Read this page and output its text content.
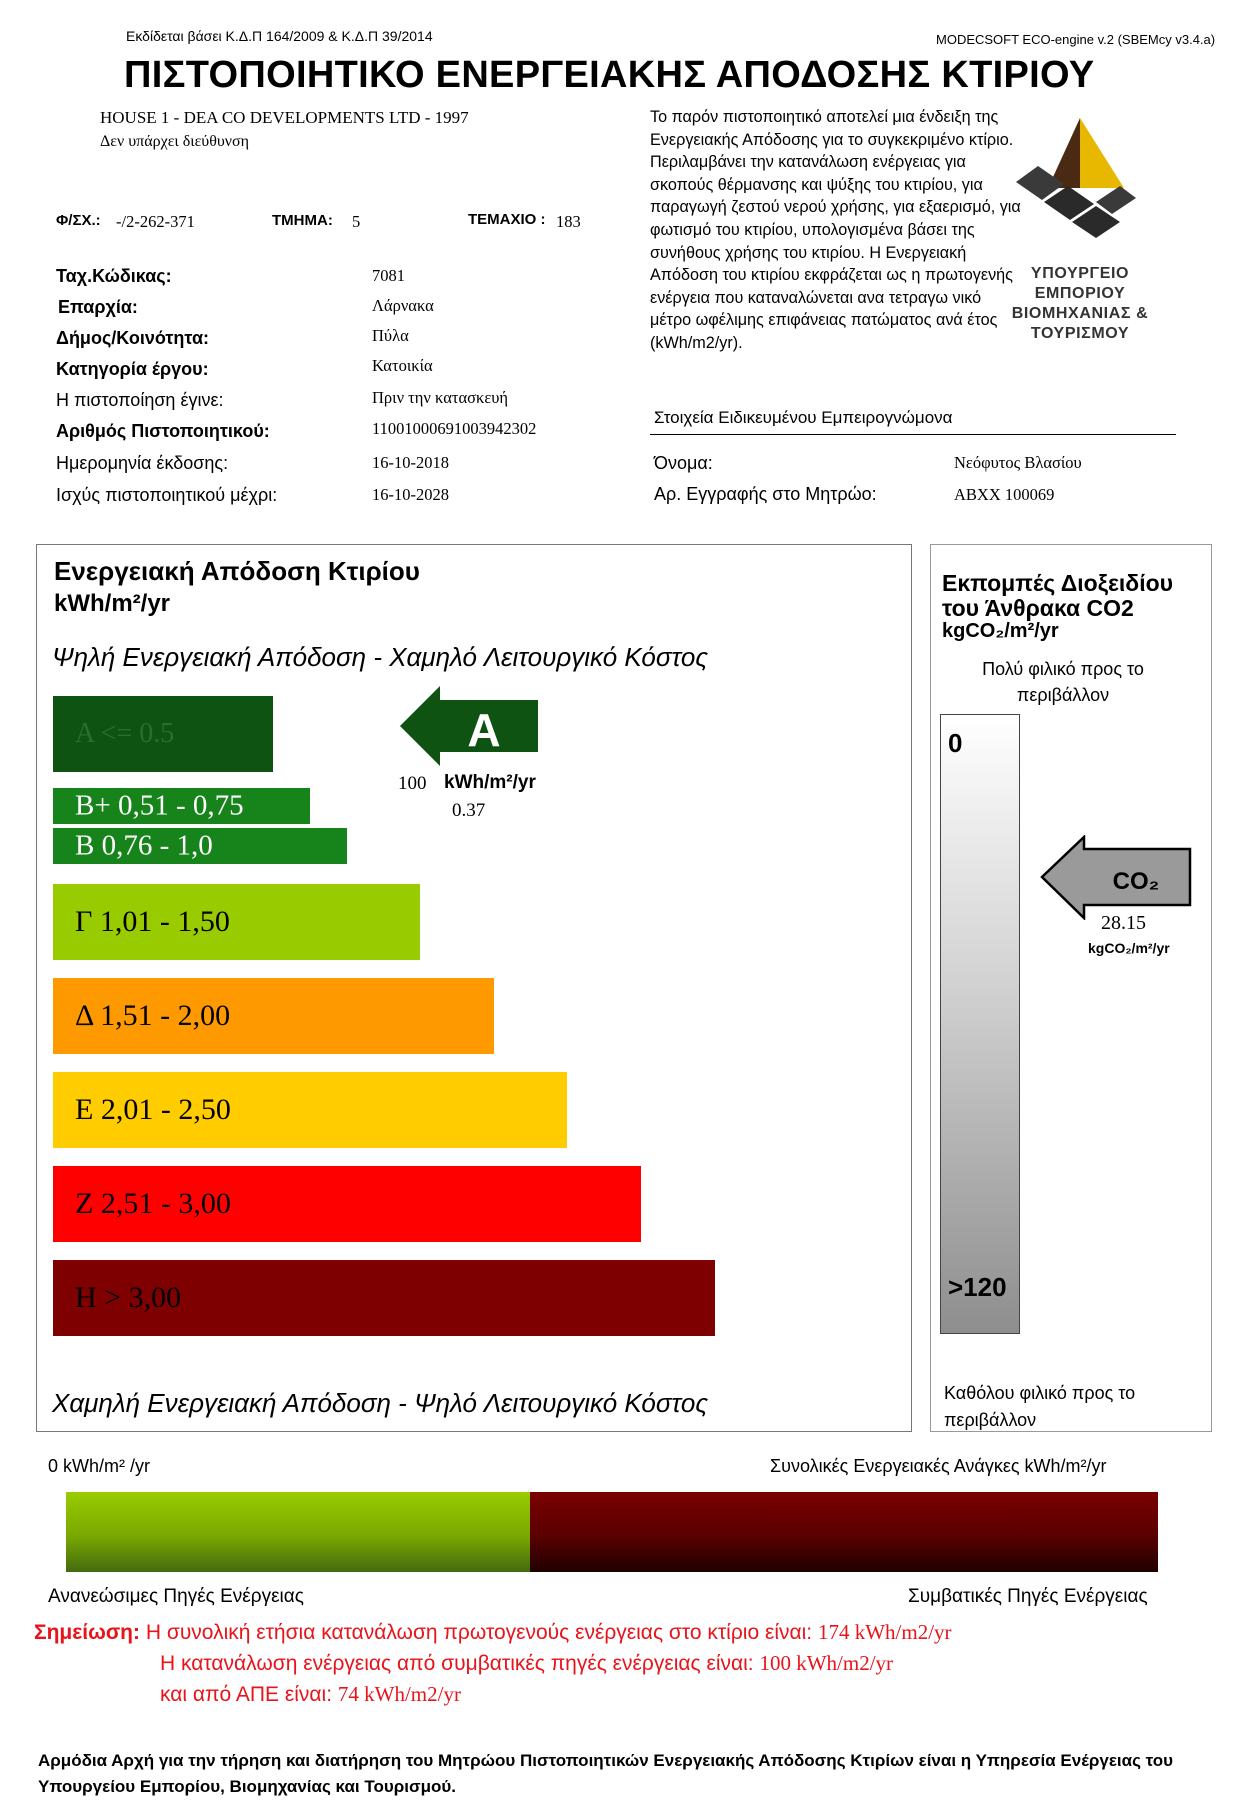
Εκδίδεται βάσει Κ.Δ.Π 164/2009 & Κ.Δ.Π 39/2014	MODECSOFT ECO-engine v.2 (SBEMcy v3.4.a)
ΠΙΣΤΟΠΟΙΗΤΙΚΟ ΕΝΕΡΓΕΙΑΚΗΣ ΑΠΟΔΟΣΗΣ ΚΤΙΡΙΟΥ
HOUSE 1 - DEA CO DEVELOPMENTS LTD - 1997
Δεν υπάρχει διεύθυνση
Το παρόν πιστοποιητικό αποτελεί μια ένδειξη της Ενεργειακής Απόδοσης για το συγκεκριμένο κτίριο. Περιλαμβάνει την κατανάλωση ενέργειας για σκοπούς θέρμανσης και ψύξης του κτιρίου, για παραγωγή ζεστού νερού χρήσης, για εξαερισμό, για φωτισμό του κτιρίου, υπολογισμένα βάσει της συνήθους χρήσης του κτιρίου. Η Ενεργειακή Απόδοση του κτιρίου εκφράζεται ως η πρωτογενής ενέργεια που καταναλώνεται ανα τετραγω νικό μέτρο ωφέλιμης επιφάνειας πατώματος ανά έτος (kWh/m2/yr).
ΥΠΟΥΡΓΕΙΟ ΕΜΠΟΡΙΟΥ ΒΙΟΜΗΧΑΝΙΑΣ & ΤΟΥΡΙΣΜΟΥ
Φ/ΣΧ.: -/2-262-371	ΤΜΗΜΑ: 5	ΤΕΜΑΧΙΟ : 183
Ταχ.Κώδικας:	7081
Επαρχία:	Λάρνακα
Δήμος/Κοινότητα:	Πύλα
Κατηγορία έργου:	Κατοικία
Η πιστοποίηση έγινε:	Πριν την κατασκευή
Αριθμός Πιστοποιητικού:	11001000691003942302
Ημερομηνία έκδοσης:	16-10-2018
Ισχύς πιστοποιητικού μέχρι:	16-10-2028
Στοιχεία Ειδικευμένου Εμπειρογνώμονα
Όνομα:	Νεόφυτος Βλασίου
Αρ. Εγγραφής στο Μητρώο:	ABXX 100069
Ενεργειακή Απόδοση Κτιρίου
kWh/m²/yr
Ψηλή Ενεργειακή Απόδοση - Χαμηλό Λειτουργικό Κόστος
A <= 0.5
B+ 0,51 - 0,75
B 0,76 - 1,0
Γ 1,01 - 1,50
Δ 1,51 - 2,00
E 2,01 - 2,50
Z 2,51 - 3,00
H > 3,00
A
100 kWh/m²/yr
0.37
Χαμηλή Ενεργειακή Απόδοση - Ψηλό Λειτουργικό Κόστος
Εκπομπές Διοξειδίου
του Άνθρακα CO2
kgCO₂/m²/yr
Πολύ φιλικό προς το περιβάλλον
0
>120
CO₂
28.15
kgCO₂/m²/yr
Καθόλου φιλικό προς το περιβάλλον
0 kWh/m² /yr	Συνολικές Ενεργειακές Ανάγκες kWh/m²/yr
Ανανεώσιμες Πηγές Ενέργειας	Συμβατικές Πηγές Ενέργειας
Σημείωση: Η συνολική ετήσια κατανάλωση πρωτογενούς ενέργειας στο κτίριο είναι: 174 kWh/m2/yr
Η κατανάλωση ενέργειας από συμβατικές πηγές ενέργειας είναι: 100 kWh/m2/yr
και από ΑΠΕ είναι: 74 kWh/m2/yr
Αρμόδια Αρχή για την τήρηση και διατήρηση του Μητρώου Πιστοποιητικών Ενεργειακής Απόδοσης Κτιρίων είναι η Υπηρεσία Ενέργειας του Υπουργείου Εμπορίου, Βιομηχανίας και Τουρισμού.
